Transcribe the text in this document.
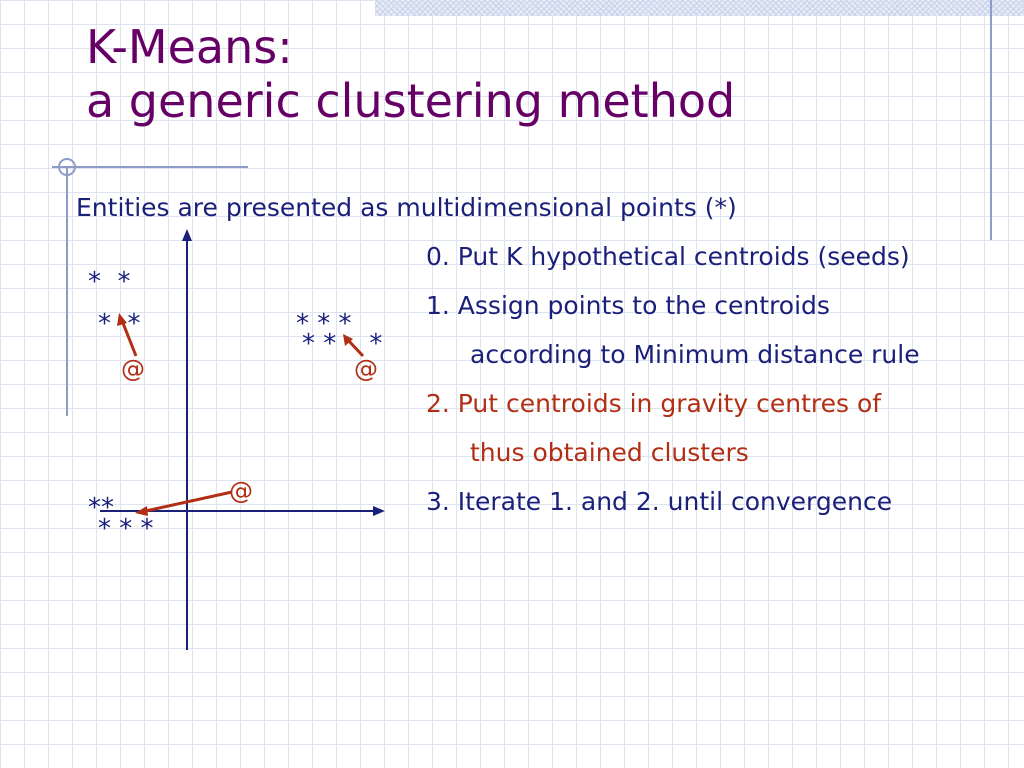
K-Means:
a generic clustering method
Entities are presented as multidimensional points (*)
0. Put K hypothetical centroids (seeds)
1. Assign points to the centroids
according to Minimum distance rule
2. Put centroids in gravity centres of
thus obtained clusters
3. Iterate 1. and 2. until convergence
*  *
*  *	* * *
* *    *
**
* * *
@	@
@
